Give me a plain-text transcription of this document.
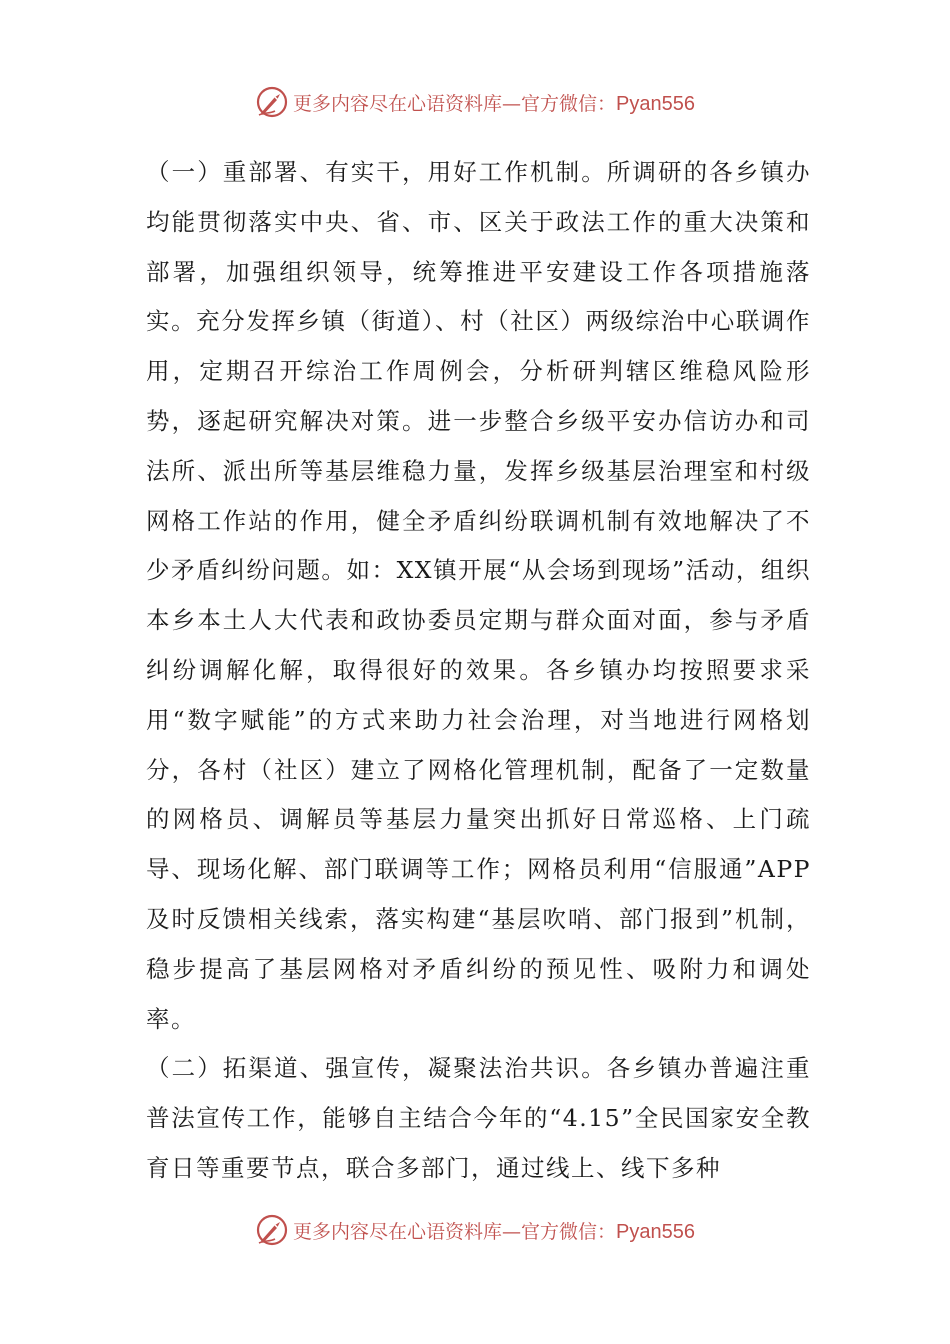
更多内容尽在心语资料库—官方微信：Pyan556

（一）重部署、有实干，用好工作机制。所调研的各乡镇办均能贯彻落实中央、省、市、区关于政法工作的重大决策和部署，加强组织领导，统筹推进平安建设工作各项措施落实。充分发挥乡镇（街道）、村（社区）两级综治中心联调作用，定期召开综治工作周例会，分析研判辖区维稳风险形势，逐起研究解决对策。进一步整合乡级平安办信访办和司法所、派出所等基层维稳力量，发挥乡级基层治理室和村级网格工作站的作用，健全矛盾纠纷联调机制有效地解决了不少矛盾纠纷问题。如：XX镇开展“从会场到现场”活动，组织本乡本土人大代表和政协委员定期与群众面对面，参与矛盾纠纷调解化解，取得很好的效果。各乡镇办均按照要求采用“数字赋能”的方式来助力社会治理，对当地进行网格划分，各村（社区）建立了网格化管理机制，配备了一定数量的网格员、调解员等基层力量突出抓好日常巡格、上门疏导、现场化解、部门联调等工作；网格员利用“信服通”APP及时反馈相关线索，落实构建“基层吹哨、部门报到”机制，稳步提高了基层网格对矛盾纠纷的预见性、吸附力和调处率。

（二）拓渠道、强宣传，凝聚法治共识。各乡镇办普遍注重普法宣传工作，能够自主结合今年的“4.15”全民国家安全教育日等重要节点，联合多部门，通过线上、线下多种

更多内容尽在心语资料库—官方微信：Pyan556
